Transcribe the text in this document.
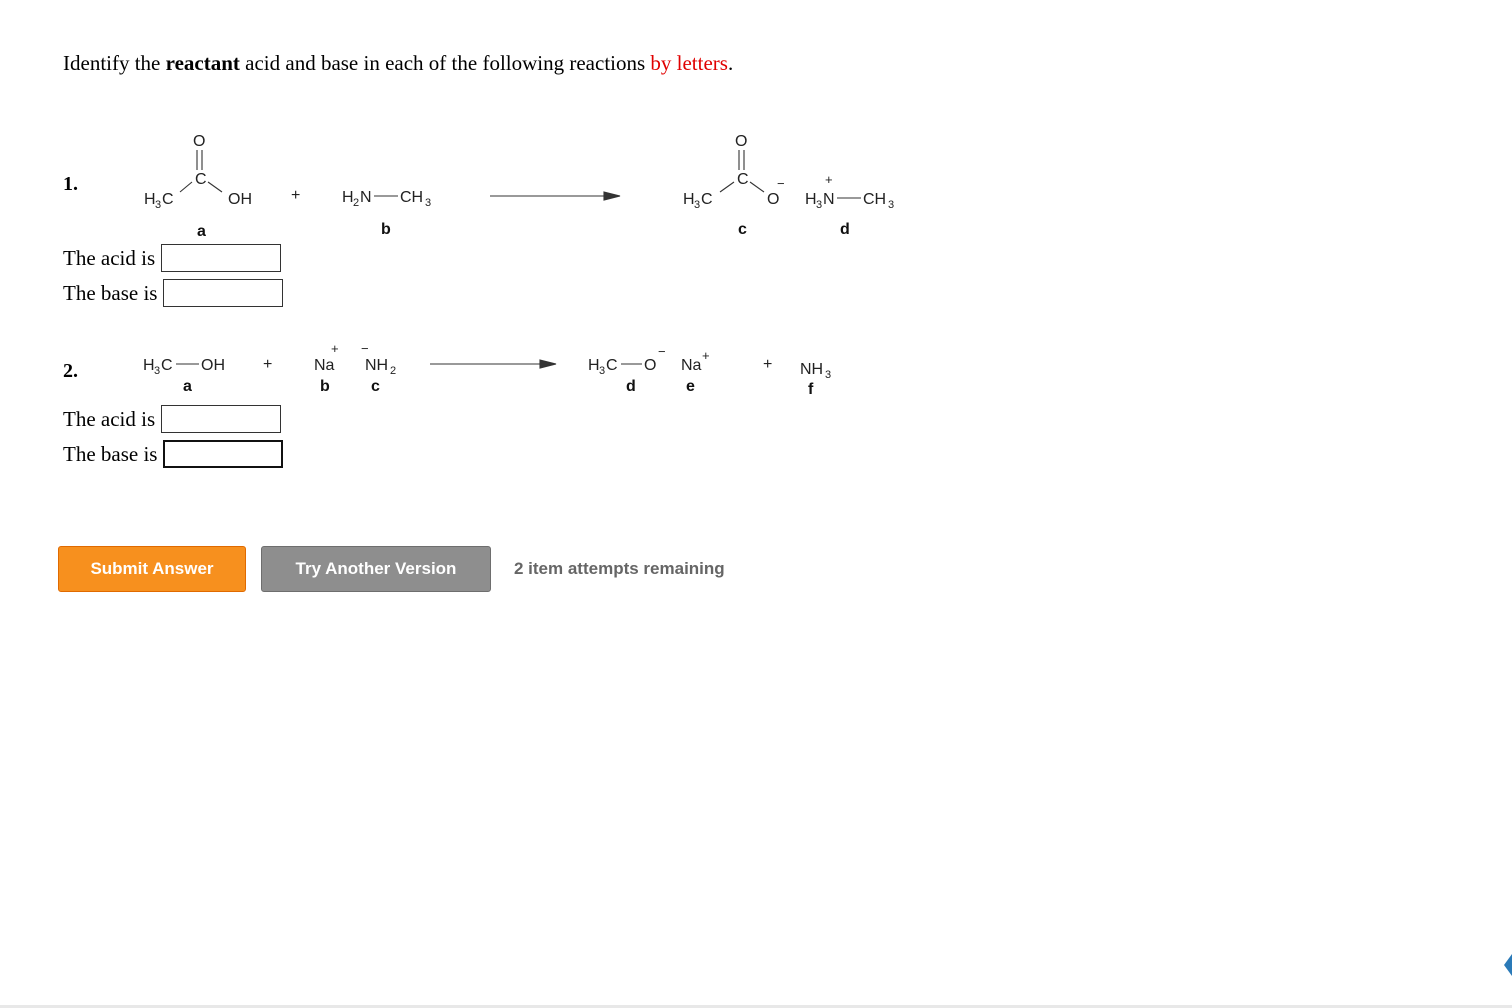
Identify the reactant acid and base in each of the following reactions by letters.
1.
O
C
H 3 C	OH
a
+	H 2 N CH 3
b
O
C
H 3 C	O
−
c
+
H 3 N CH 3
d
The acid is
The base is
2.	H 3 C OH
a
+
+
Na
b
−
NH 2
c
H 3 C O
−
d
Na
+
e
+ NH 3
f
The acid is
The base is
Submit Answer	Try Another Version	2 item attempts remaining
